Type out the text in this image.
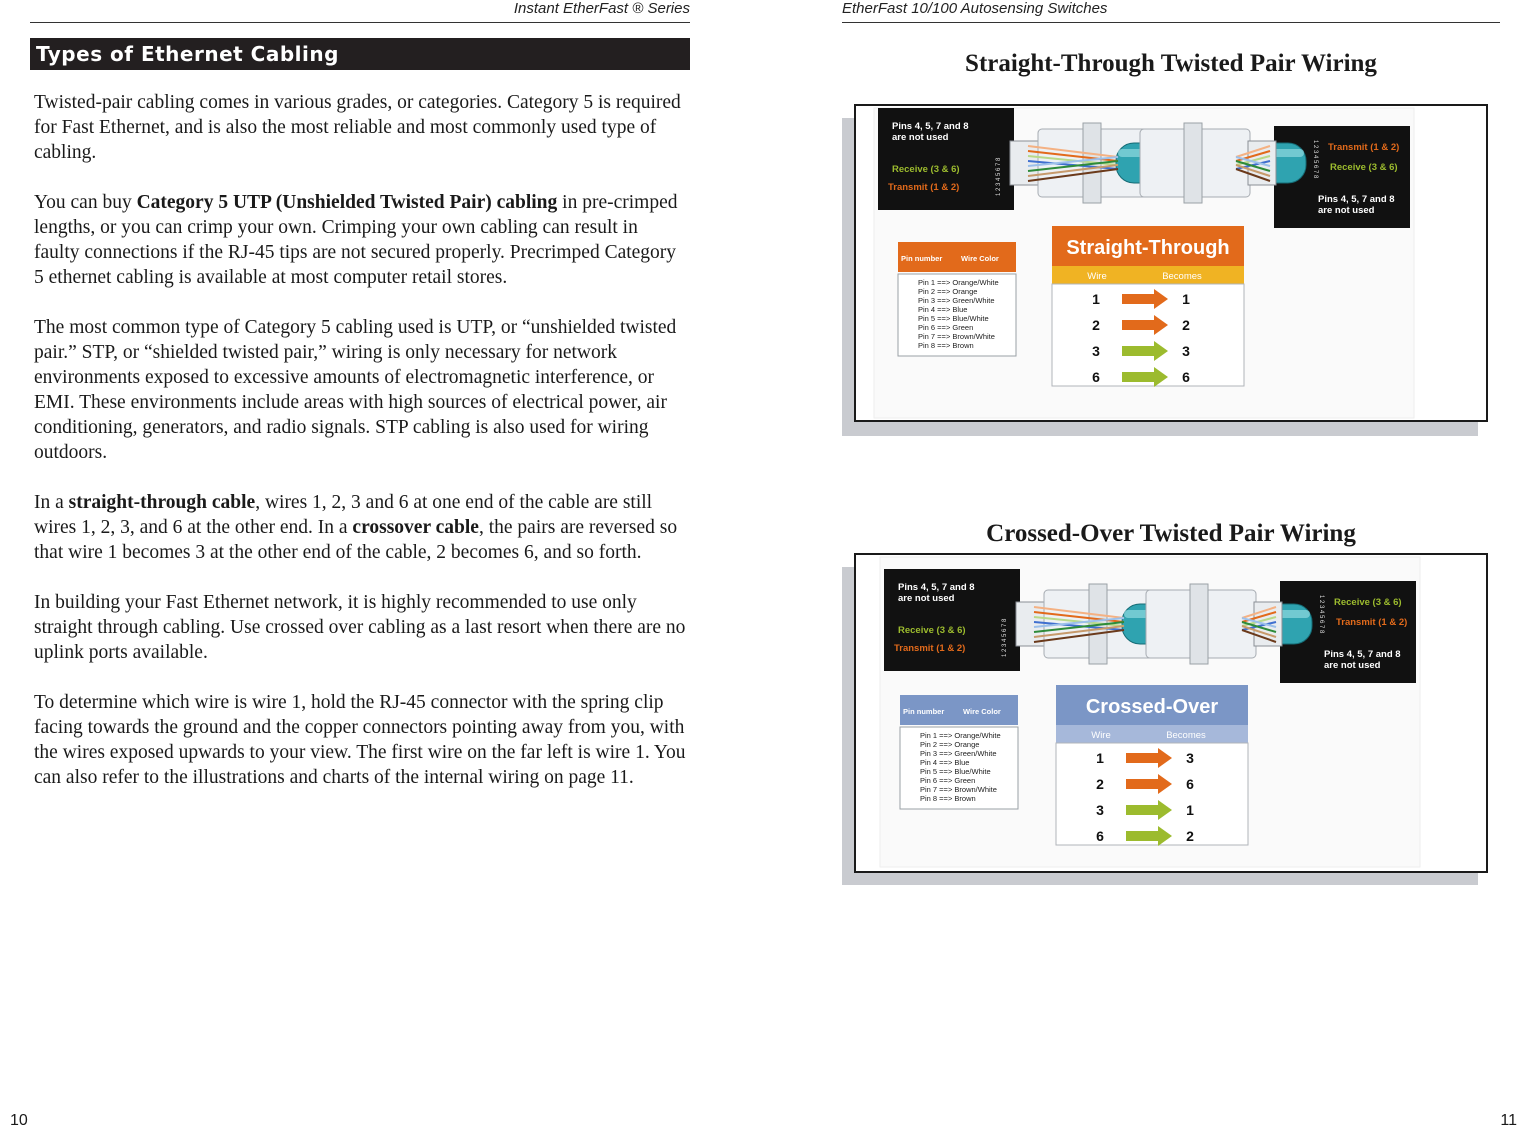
Instant EtherFast ® Series
Types of Ethernet Cabling

Twisted-pair cabling comes in various grades, or categories. Category 5 is required for Fast Ethernet, and is also the most reliable and most commonly used type of cabling.

You can buy Category 5 UTP (Unshielded Twisted Pair) cabling in pre-crimped lengths, or you can crimp your own. Crimping your own cabling can result in faulty connections if the RJ-45 tips are not secured properly. Precrimped Category 5 ethernet cabling is available at most computer retail stores.

The most common type of Category 5 cabling used is UTP, or “unshielded twisted pair.” STP, or “shielded twisted pair,” wiring is only necessary for network environments exposed to excessive amounts of electromagnetic interference, or EMI. These environments include areas with high sources of electrical power, air conditioning, generators, and radio signals. STP cabling is also used for wiring outdoors.

In a straight-through cable, wires 1, 2, 3 and 6 at one end of the cable are still wires 1, 2, 3, and 6 at the other end. In a crossover cable, the pairs are reversed so that wire 1 becomes 3 at the other end of the cable, 2 becomes 6, and so forth.

In building your Fast Ethernet network, it is highly recommended to use only straight through cabling. Use crossed over cabling as a last resort when there are no uplink ports available.

To determine which wire is wire 1, hold the RJ-45 connector with the spring clip facing towards the ground and the copper connectors pointing away from you, with the wires exposed upwards to your view. The first wire on the far left is wire 1. You can also refer to the illustrations and charts of the internal wiring on page 11.

10
EtherFast 10/100 Autosensing Switches
Straight-Through Twisted Pair Wiring
Pins 4, 5, 7 and 8
are not used
Receive (3 & 6)
Transmit (1 & 2)	1 2 3 4 5 6 7 8
Transmit (1 & 2)
Receive (3 & 6)
Pins 4, 5, 7 and 8
are not used
1 2 3 4 5 6 7 8
Pin number Wire Color
Pin 1 ==> Orange/White
Pin 2 ==> Orange
Pin 3 ==> Green/White
Pin 4 ==> Blue
Pin 5 ==> Blue/White
Pin 6 ==> Green
Pin 7 ==> Brown/White
Pin 8 ==> Brown
Straight-Through
Wire	Becomes
1	1
2	2
3	3
6	6
Crossed-Over Twisted Pair Wiring
Pins 4, 5, 7 and 8
are not used
Receive (3 & 6)
Transmit (1 & 2)	1 2 3 4 5 6 7 8
Receive (3 & 6)
Transmit (1 & 2)
Pins 4, 5, 7 and 8
are not used
1 2 3 4 5 6 7 8
Pin number Wire Color
Pin 1 ==> Orange/White
Pin 2 ==> Orange
Pin 3 ==> Green/White
Pin 4 ==> Blue
Pin 5 ==> Blue/White
Pin 6 ==> Green
Pin 7 ==> Brown/White
Pin 8 ==> Brown
Crossed-Over
Wire	Becomes
1	3
2	6
3	1
6	2
11
